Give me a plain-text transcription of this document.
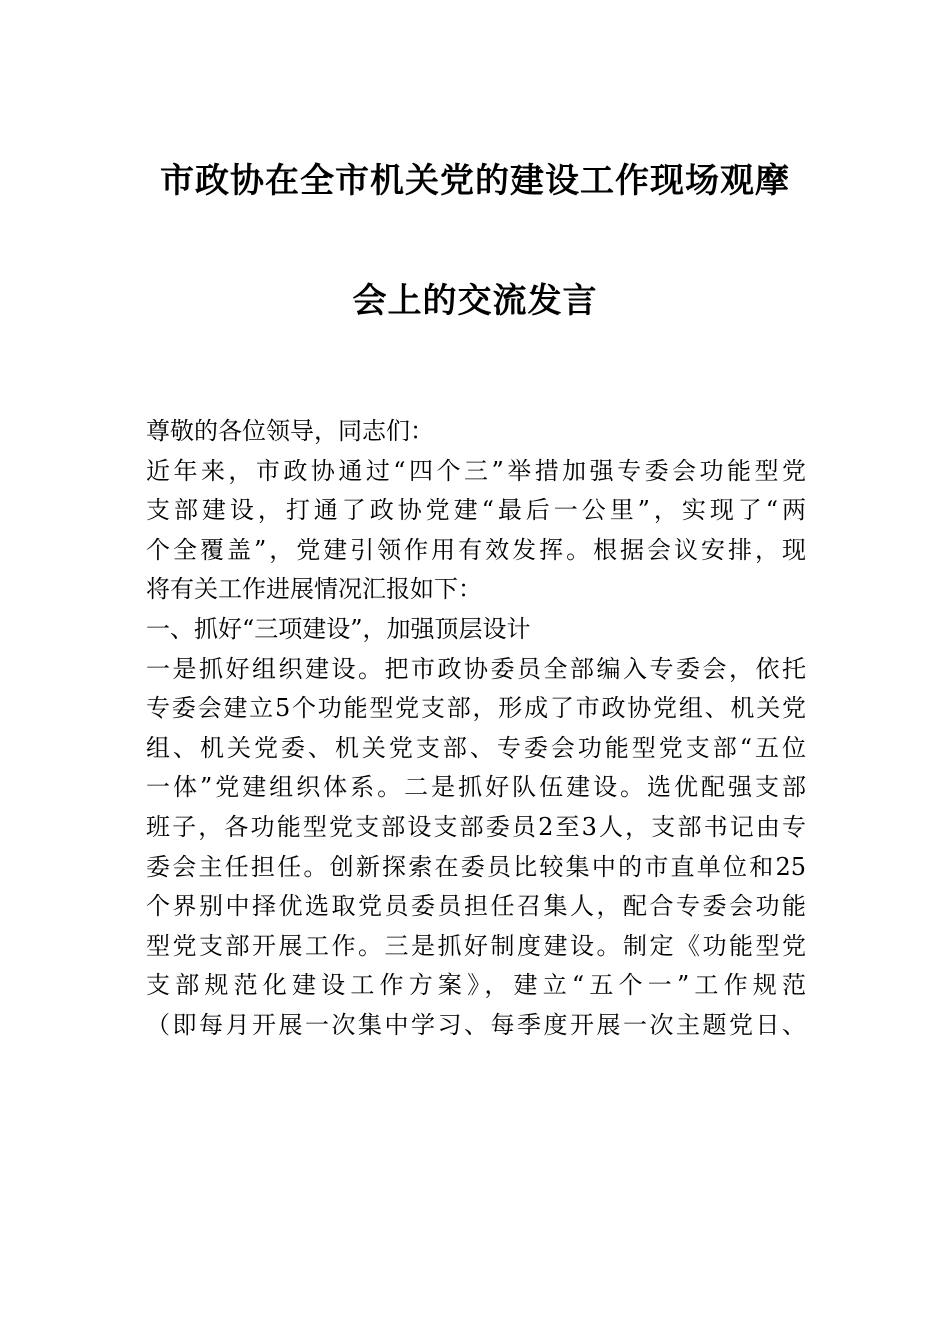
市政协在全市机关党的建设工作现场观摩
会上的交流发言
尊敬的各位领导，同志们：
近年来，市政协通过“四个三”举措加强专委会功能型党
支部建设，打通了政协党建“最后一公里”，实现了“两
个全覆盖”，党建引领作用有效发挥。根据会议安排，现
将有关工作进展情况汇报如下：
一、抓好“三项建设”，加强顶层设计
一是抓好组织建设。把市政协委员全部编入专委会，依托
专委会建立5个功能型党支部，形成了市政协党组、机关党
组、机关党委、机关党支部、专委会功能型党支部“五位
一体”党建组织体系。二是抓好队伍建设。选优配强支部
班子，各功能型党支部设支部委员2至3人，支部书记由专
委会主任担任。创新探索在委员比较集中的市直单位和25
个界别中择优选取党员委员担任召集人，配合专委会功能
型党支部开展工作。三是抓好制度建设。制定《功能型党
支部规范化建设工作方案》，建立“五个一”工作规范
（即每月开展一次集中学习、每季度开展一次主题党日、
